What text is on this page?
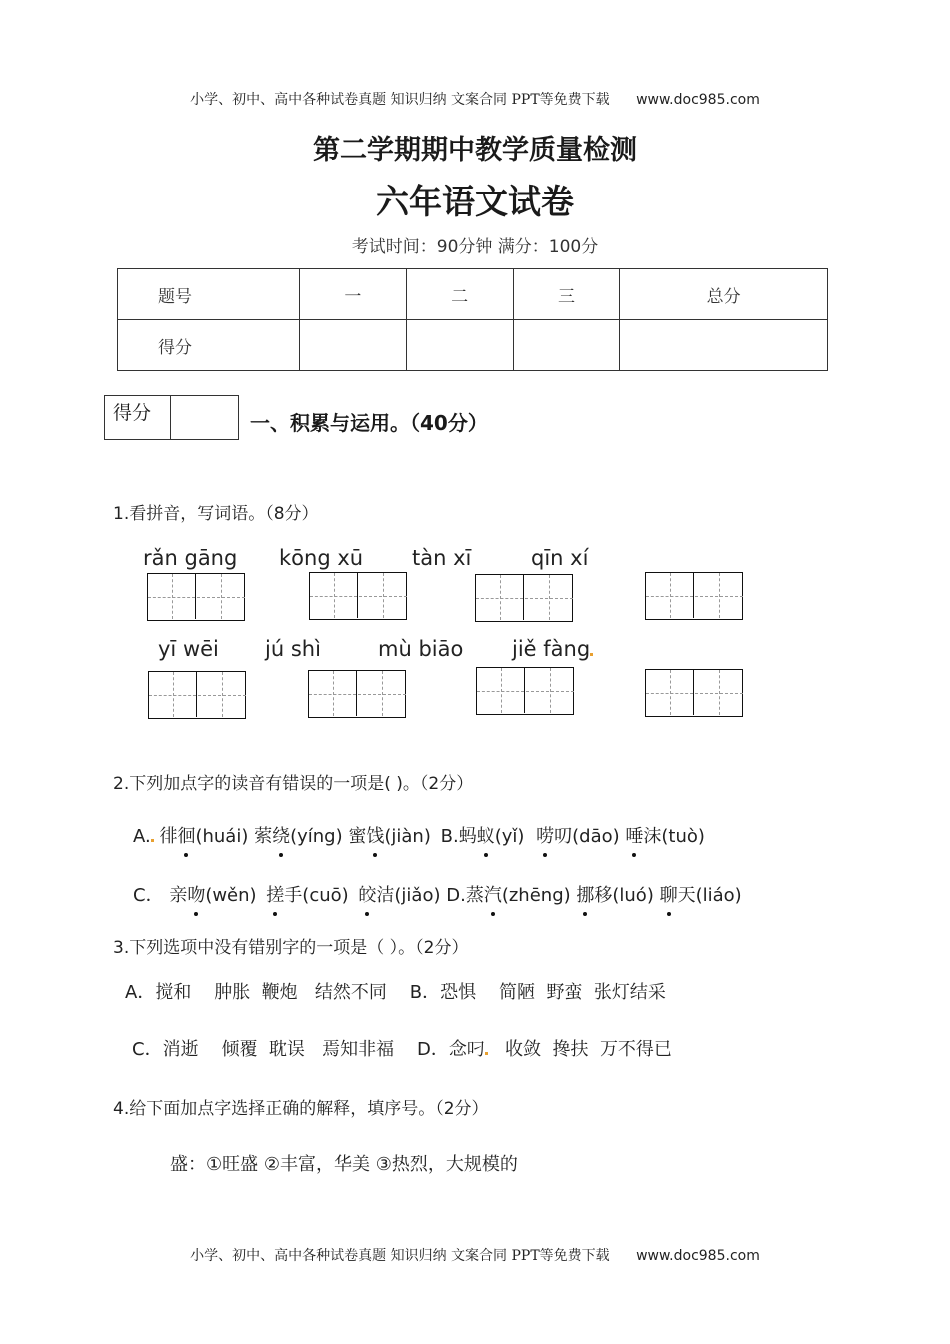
小学、初中、高中各种试卷真题 知识归纳 文案合同 PPT等免费下载 www.doc985.com
第二学期期中教学质量检测
六年语文试卷
考试时间：90分钟 满分：100分
题号	一	二	三	总分
得分				
得分	一、积累与运用。（40分）
1.看拼音，写词语。（8分）
rǎn gāng kōng xū tàn xī	qīn xí
yī wēi jú shì	mù biāo jiě fàng
2.下列加点字的读音有错误的一项是( )。（2分）
A. 徘徊(huái) 萦绕(yíng) 蜜饯(jiàn) B.蚂蚁(yǐ) 唠叨(dāo) 唾沫(tuò)
C． 亲吻(wěn) 搓手(cuō) 皎洁(jiǎo) D.蒸汽(zhēng) 挪移(luó) 聊天(liáo)
3.下列选项中没有错别字的一项是（ ）。（2分）
A．搅和 肿胀 鞭炮 结然不同 B．恐惧 简陋 野蛮 张灯结采
C．消逝 倾覆 耽误 焉知非福 D．念叼 收敛 搀扶 万不得已
4.给下面加点字选择正确的解释，填序号。（2分）
盛：①旺盛 ②丰富，华美 ③热烈，大规模的
小学、初中、高中各种试卷真题 知识归纳 文案合同 PPT等免费下载 www.doc985.com
